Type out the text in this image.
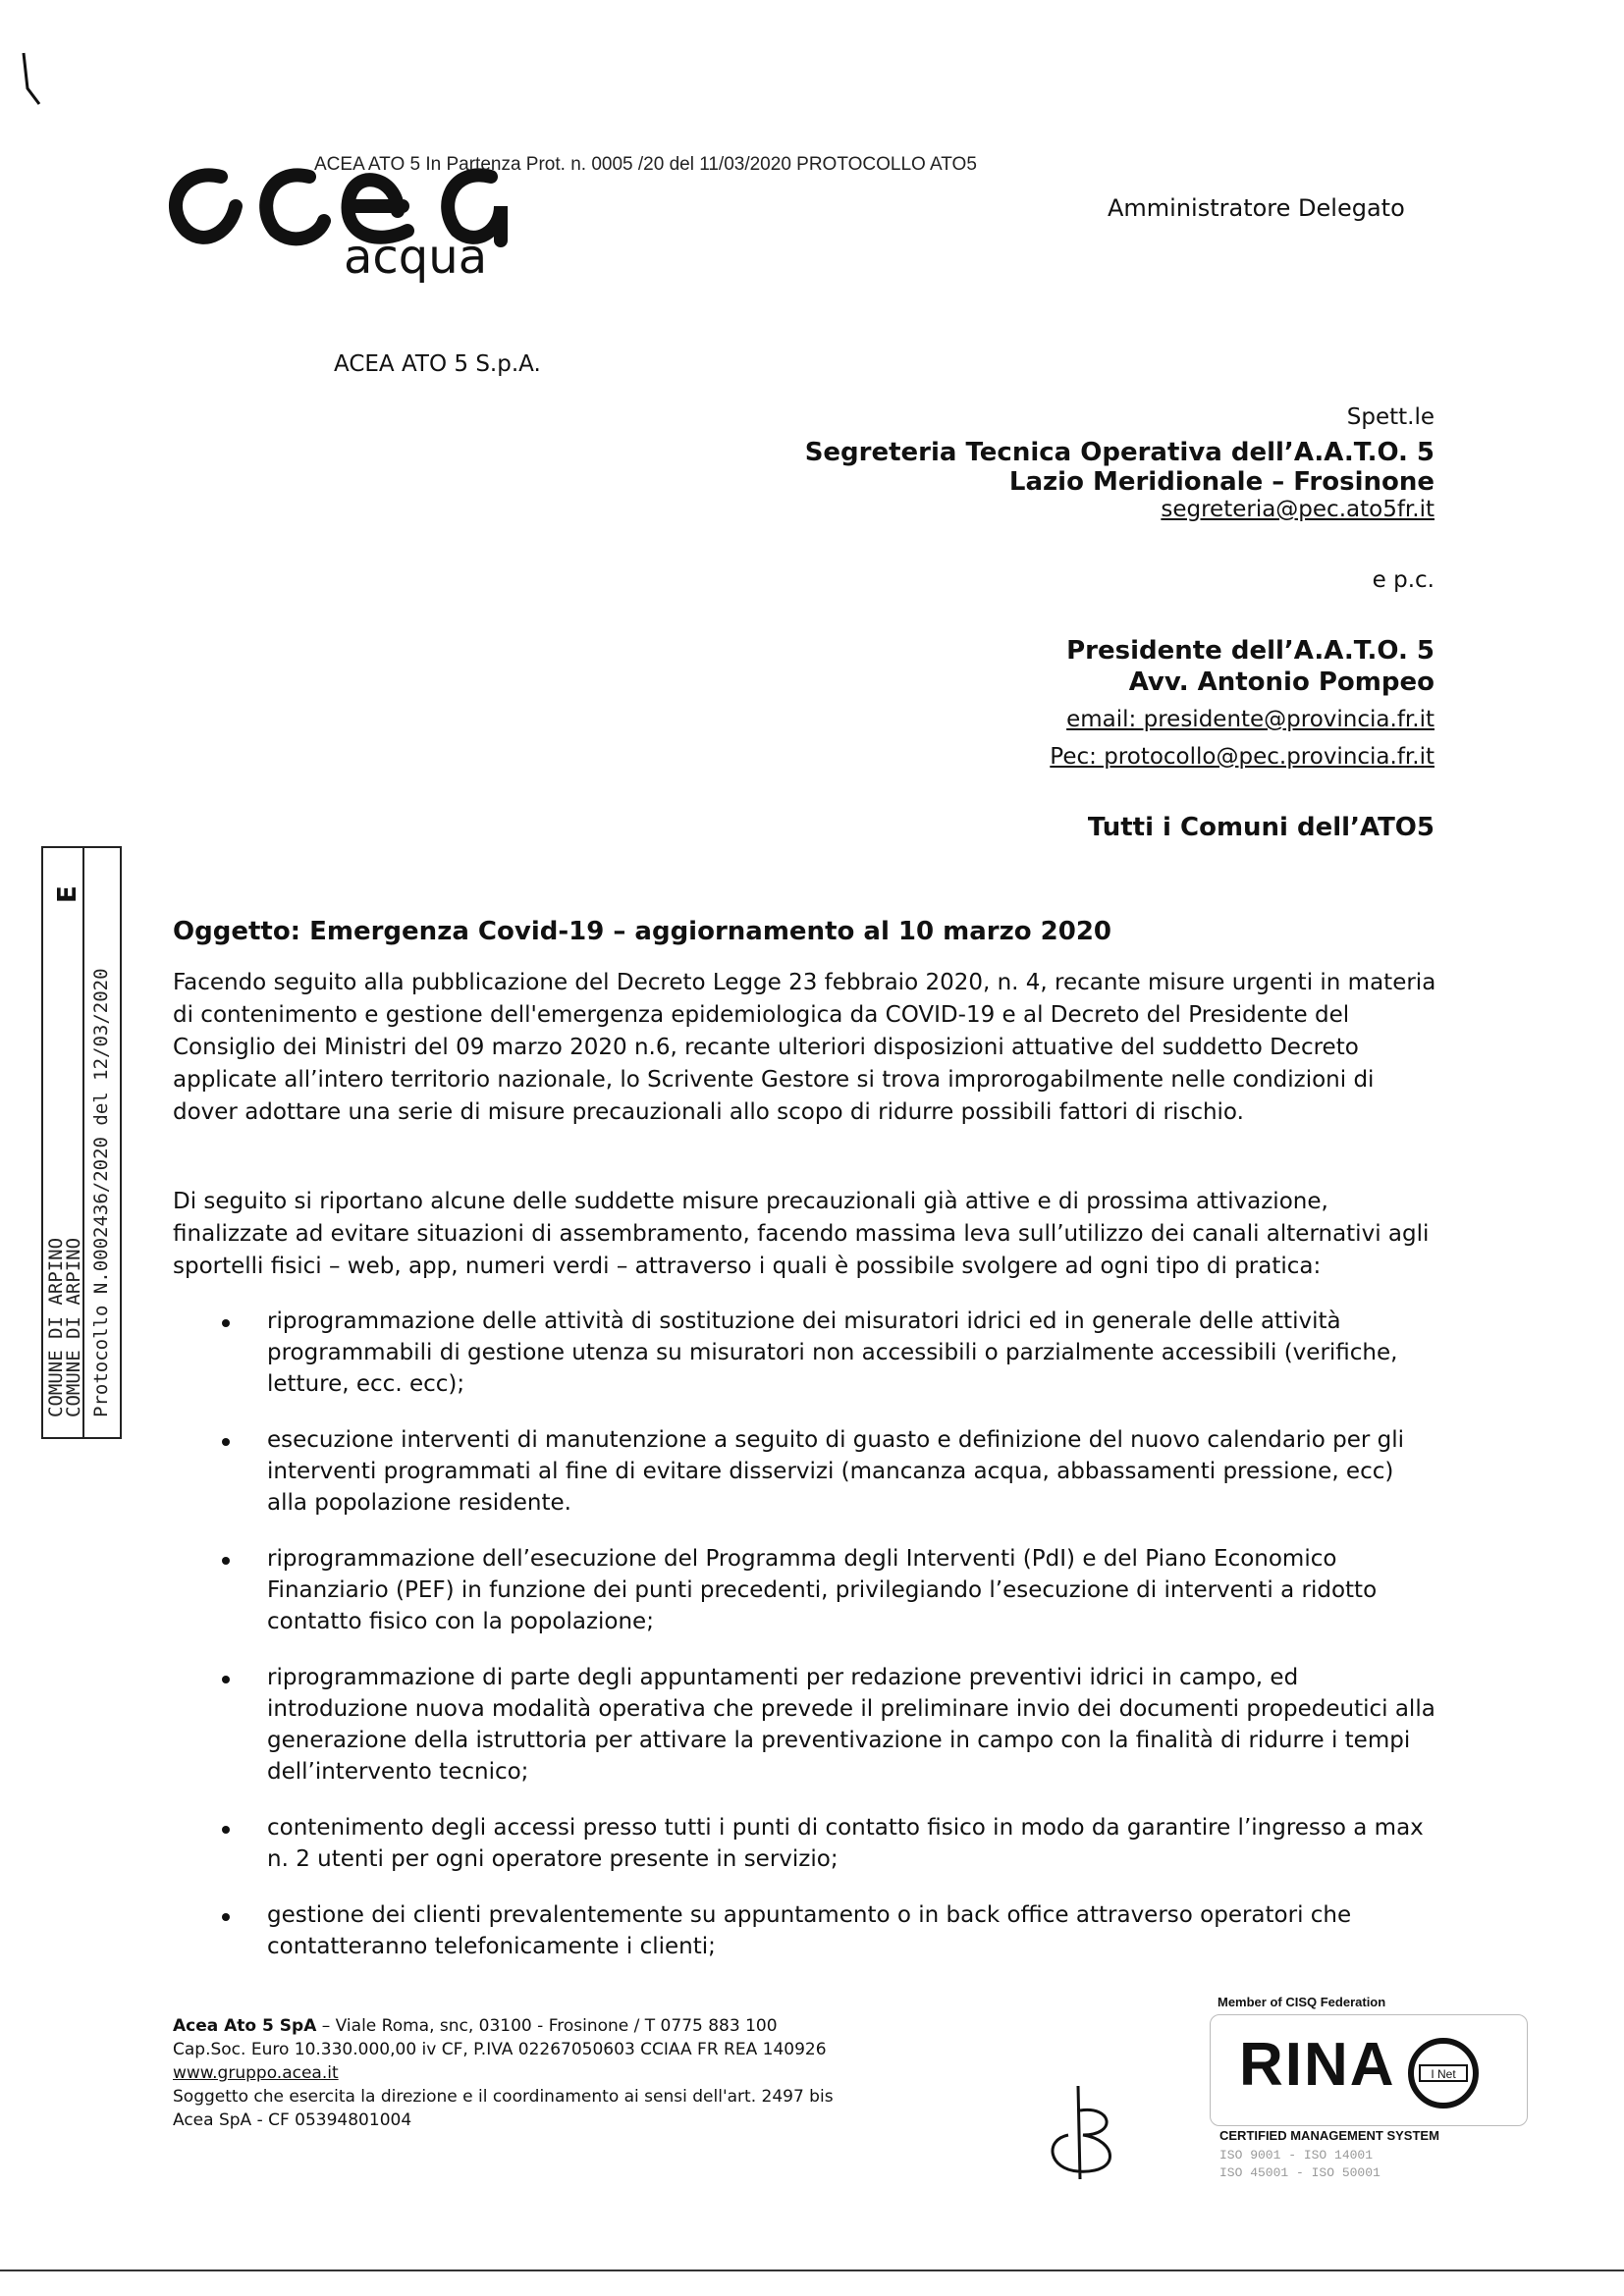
acqua
ACEA ATO 5 In Partenza Prot. n. 0005 /20 del 11/03/2020 PROTOCOLLO ATO5
Amministratore Delegato
ACEA ATO 5 S.p.A.
Spett.le
Segreteria Tecnica Operativa dell’A.A.T.O. 5
Lazio Meridionale – Frosinone
segreteria@pec.ato5fr.it
e p.c.
Presidente dell’A.A.T.O. 5
Avv. Antonio Pompeo
email: presidente@provincia.fr.it
Pec: protocollo@pec.provincia.fr.it
Tutti i Comuni dell’ATO5
COMUNE DI ARPINO
COMUNE DI ARPINO Protocollo N.0002436/2020 del 12/03/2020
E
Oggetto: Emergenza Covid-19 – aggiornamento al 10 marzo 2020
Facendo seguito alla pubblicazione del Decreto Legge 23 febbraio 2020, n. 4, recante misure urgenti in materia di contenimento e gestione dell'emergenza epidemiologica da COVID-19 e al Decreto del Presidente del Consiglio dei Ministri del 09 marzo 2020 n.6, recante ulteriori disposizioni attuative del suddetto Decreto applicate all’intero territorio nazionale, lo Scrivente Gestore si trova improrogabilmente nelle condizioni di dover adottare una serie di misure precauzionali allo scopo di ridurre possibili fattori di rischio.
Di seguito si riportano alcune delle suddette misure precauzionali già attive e di prossima attivazione, finalizzate ad evitare situazioni di assembramento, facendo massima leva sull’utilizzo dei canali alternativi agli sportelli fisici – web, app, numeri verdi – attraverso i quali è possibile svolgere ad ogni tipo di pratica:
riprogrammazione delle attività di sostituzione dei misuratori idrici ed in generale delle attività programmabili di gestione utenza su misuratori non accessibili o parzialmente accessibili (verifiche, letture, ecc. ecc);
esecuzione interventi di manutenzione a seguito di guasto e definizione del nuovo calendario per gli interventi programmati al fine di evitare disservizi (mancanza acqua, abbassamenti pressione, ecc) alla popolazione residente.
riprogrammazione dell’esecuzione del Programma degli Interventi (PdI) e del Piano Economico Finanziario (PEF) in funzione dei punti precedenti, privilegiando l’esecuzione di interventi a ridotto contatto fisico con la popolazione;
riprogrammazione di parte degli appuntamenti per redazione preventivi idrici in campo, ed introduzione nuova modalità operativa che prevede il preliminare invio dei documenti propedeutici alla generazione della istruttoria per attivare la preventivazione in campo con la finalità di ridurre i tempi dell’intervento tecnico;
contenimento degli accessi presso tutti i punti di contatto fisico in modo da garantire l’ingresso a max n. 2 utenti per ogni operatore presente in servizio;
gestione dei clienti prevalentemente su appuntamento o in back office attraverso operatori che contatteranno telefonicamente i clienti;
Acea Ato 5 SpA – Viale Roma, snc, 03100 - Frosinone / T 0775 883 100
Cap.Soc. Euro 10.330.000,00 iv CF, P.IVA 02267050603 CCIAA FR REA 140926
www.gruppo.acea.it
Soggetto che esercita la direzione e il coordinamento ai sensi dell'art. 2497 bis
Acea SpA - CF 05394801004
Member of CISQ Federation
RINA	I Net
CERTIFIED MANAGEMENT SYSTEM
ISO 9001 - ISO 14001
ISO 45001 - ISO 50001
